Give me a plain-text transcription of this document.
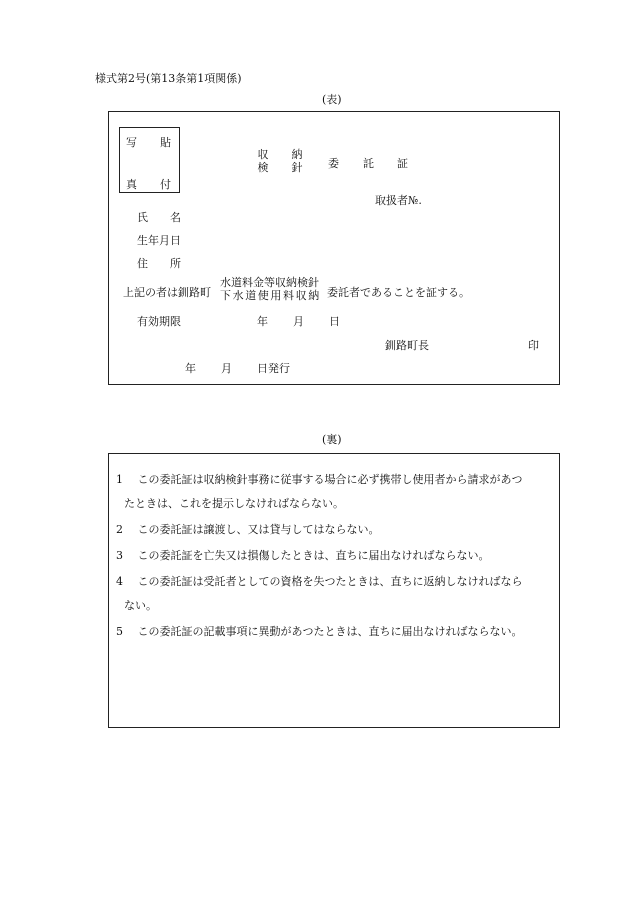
様式第2号(第13条第1項関係)
(表)
写 貼
真 付
収
検
納
針 委 託 証
取扱者№.
氏　　名
生年月日
住　　所
上記の者は釧路町
水道料金等収納検針
下水道使用料収納 委託者であることを証する。
有効期限	年 月 日
釧路町長	印
年 月 日発行
(裏)
1　 この委託証は収納検針事務に従事する場合に必ず携帯し使用者から請求があつ
たときは、これを提示しなければならない。
2　 この委託証は譲渡し、又は貸与してはならない。
3　 この委託証を亡失又は損傷したときは、直ちに届出なければならない。
4　 この委託証は受託者としての資格を失つたときは、直ちに返納しなければなら
ない。
5　 この委託証の記載事項に異動があつたときは、直ちに届出なければならない。
